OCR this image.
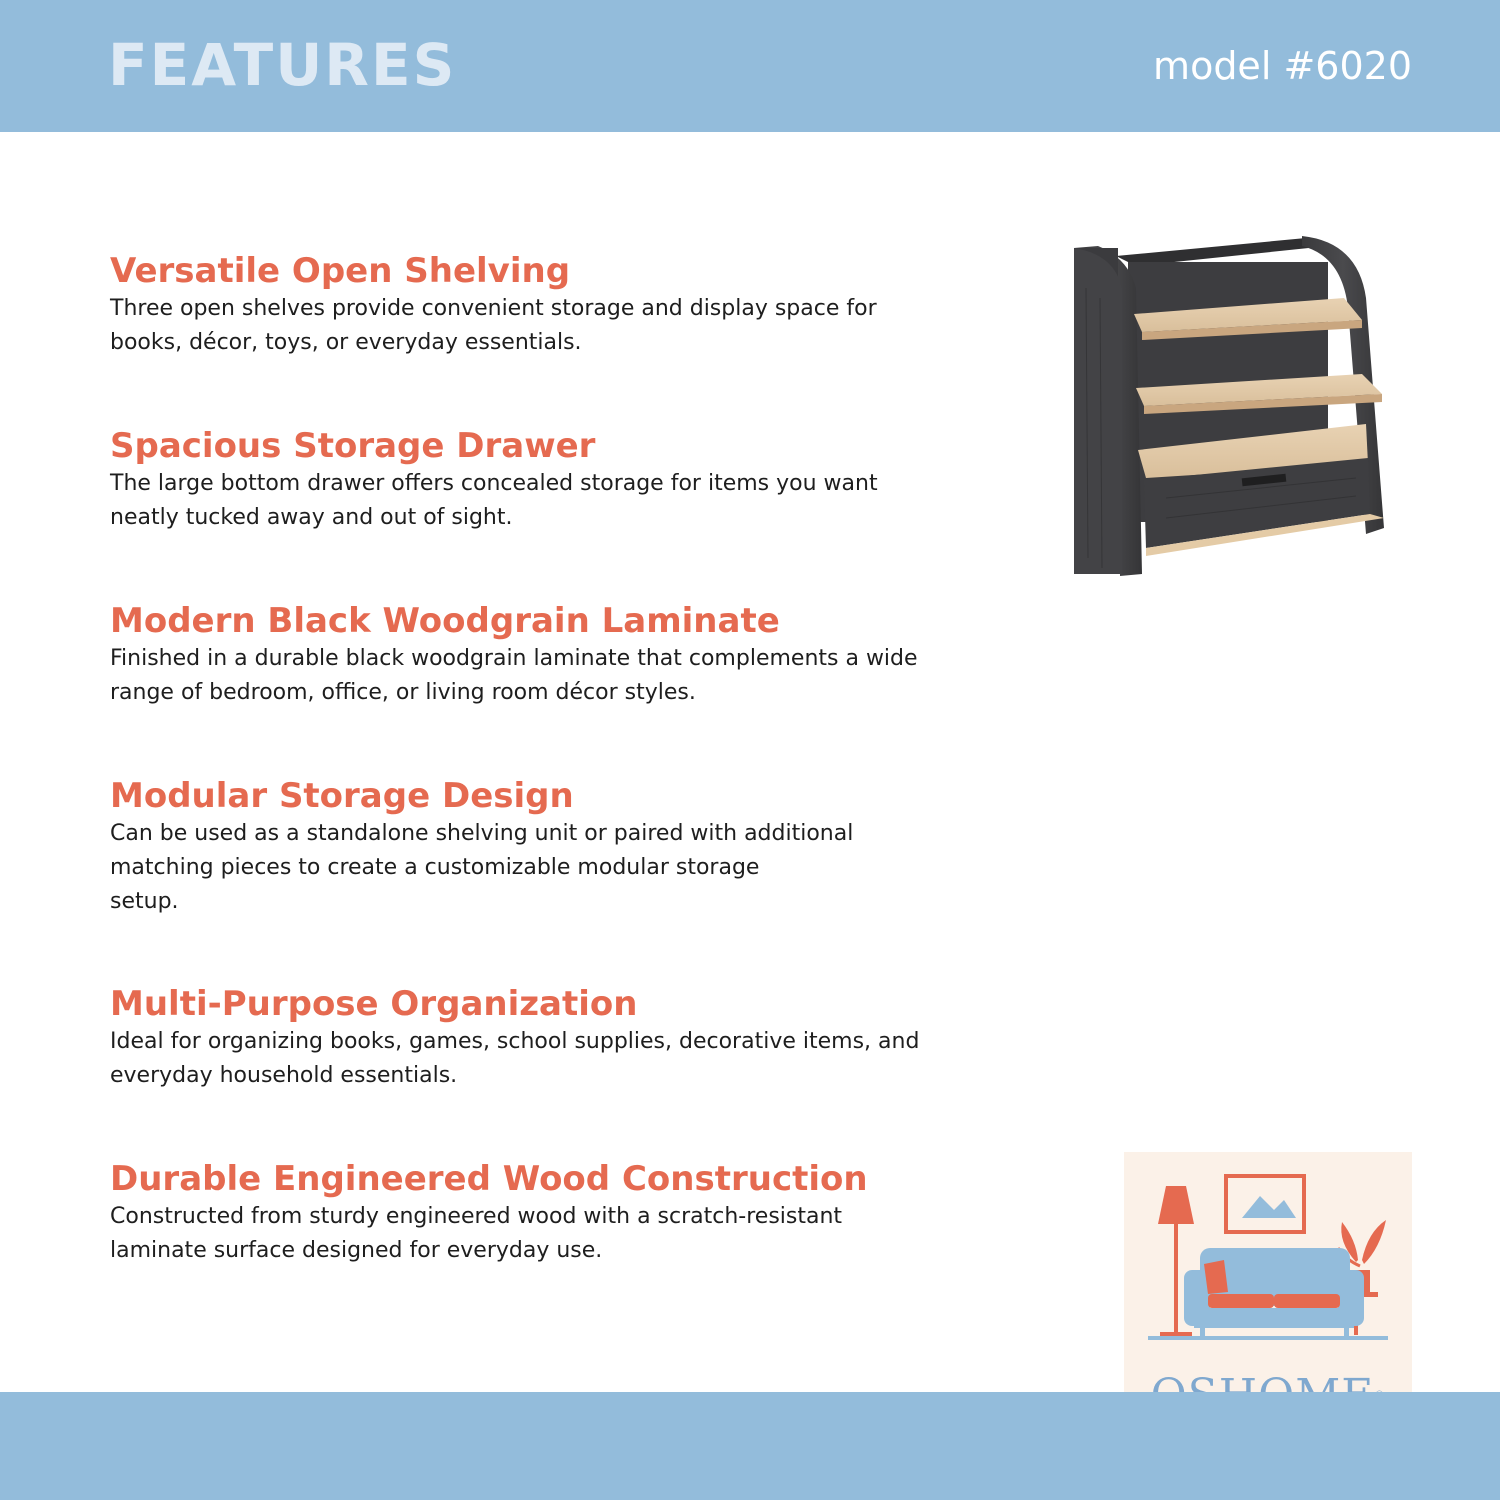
FEATURES	model #6020
Versatile Open Shelving

Three open shelves provide convenient storage and display space for
books, décor, toys, or everyday essentials.

Spacious Storage Drawer

The large bottom drawer offers concealed storage for items you want
neatly tucked away and out of sight.

Modern Black Woodgrain Laminate

Finished in a durable black woodgrain laminate that complements a wide
range of bedroom, office, or living room décor styles.

Modular Storage Design

Can be used as a standalone shelving unit or paired with additional
matching pieces to create a customizable modular storage
setup.

Multi-Purpose Organization

Ideal for organizing books, games, school supplies, decorative items, and
everyday household essentials.

Durable Engineered Wood Construction

Constructed from sturdy engineered wood with a scratch-resistant
laminate surface designed for everyday use.
